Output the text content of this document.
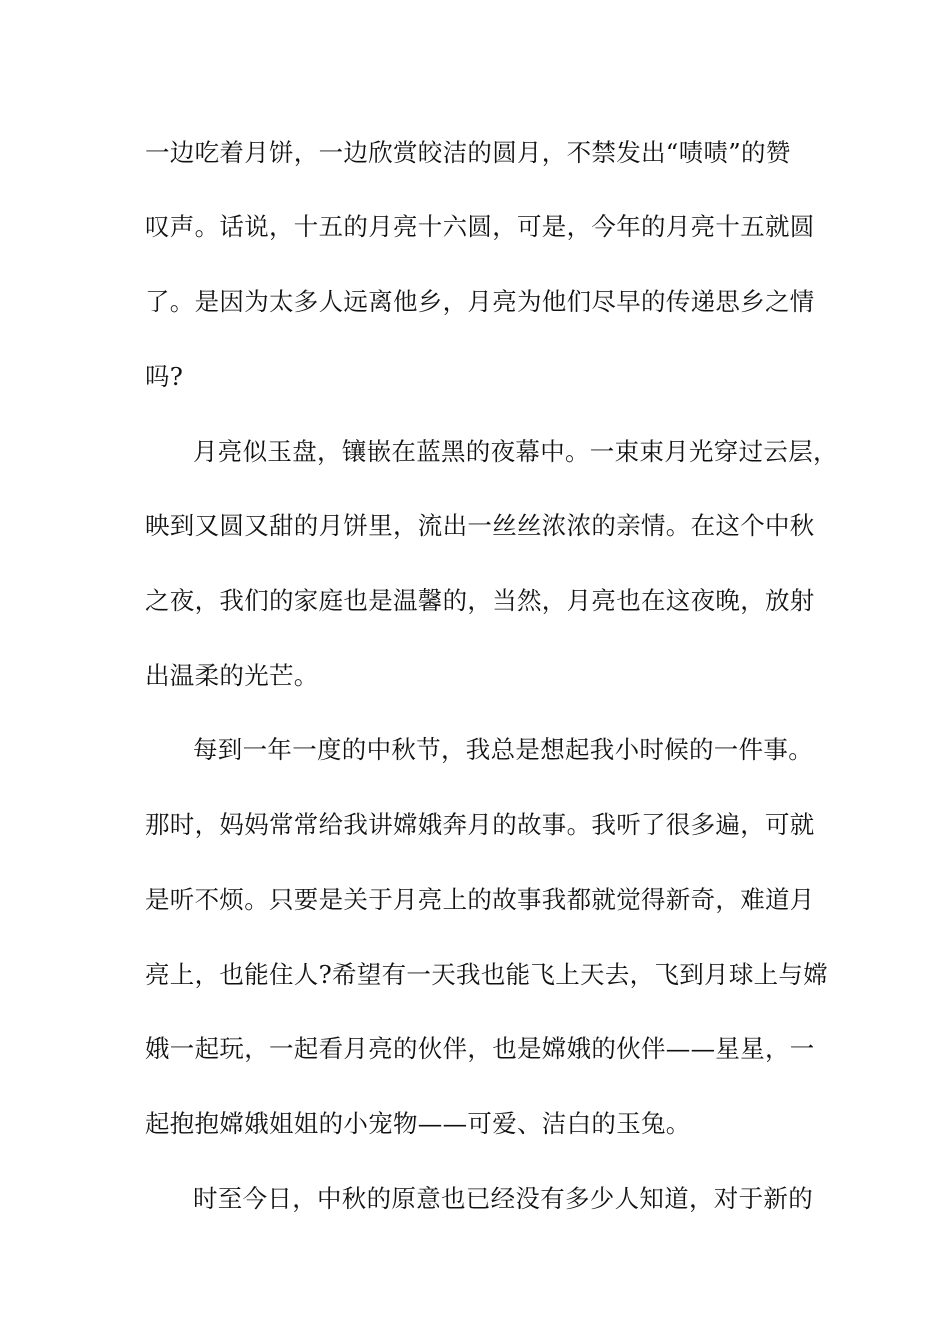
一边吃着月饼，一边欣赏皎洁的圆月，不禁发出“啧啧”的赞
叹声。话说，十五的月亮十六圆，可是，今年的月亮十五就圆
了。是因为太多人远离他乡，月亮为他们尽早的传递思乡之情
吗?
月亮似玉盘，镶嵌在蓝黑的夜幕中。一束束月光穿过云层，
映到又圆又甜的月饼里，流出一丝丝浓浓的亲情。在这个中秋
之夜，我们的家庭也是温馨的，当然，月亮也在这夜晚，放射
出温柔的光芒。
每到一年一度的中秋节，我总是想起我小时候的一件事。
那时，妈妈常常给我讲嫦娥奔月的故事。我听了很多遍，可就
是听不烦。只要是关于月亮上的故事我都就觉得新奇，难道月
亮上，也能住人?希望有一天我也能飞上天去，飞到月球上与嫦
娥一起玩，一起看月亮的伙伴，也是嫦娥的伙伴——星星，一
起抱抱嫦娥姐姐的小宠物——可爱、洁白的玉兔。
时至今日，中秋的原意也已经没有多少人知道，对于新的
